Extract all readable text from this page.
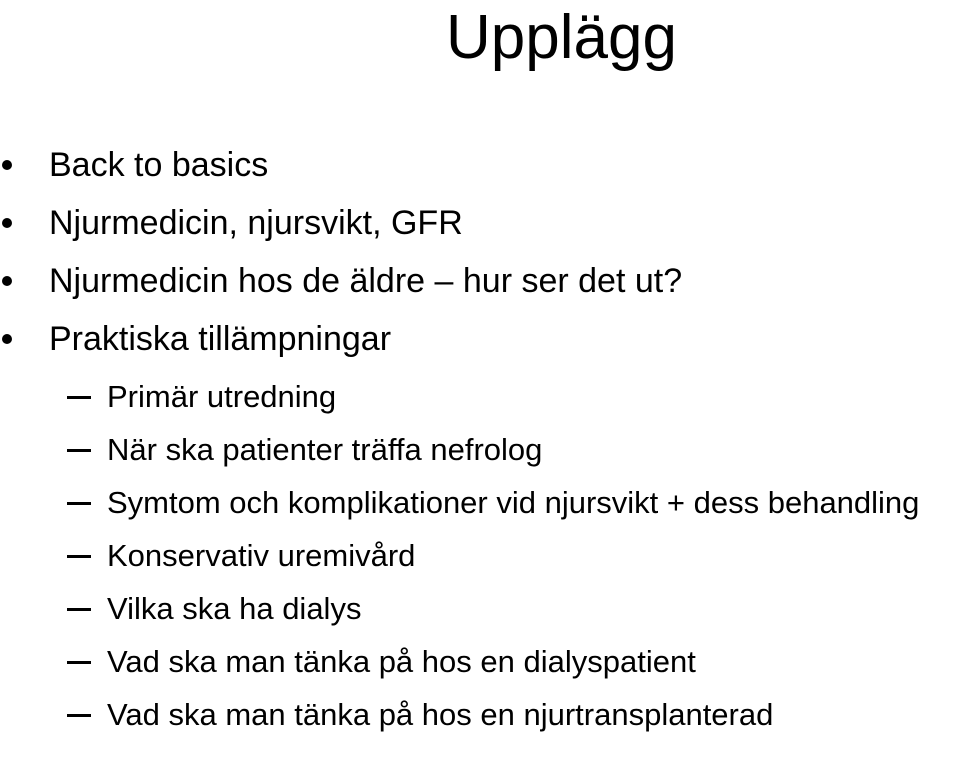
Upplägg
Back to basics
Njurmedicin, njursvikt, GFR
Njurmedicin hos de äldre – hur ser det ut?
Praktiska tillämpningar
Primär utredning
När ska patienter träffa nefrolog
Symtom och komplikationer vid njursvikt + dess behandling
Konservativ uremivård
Vilka ska ha dialys
Vad ska man tänka på hos en dialyspatient
Vad ska man tänka på hos en njurtransplanterad
